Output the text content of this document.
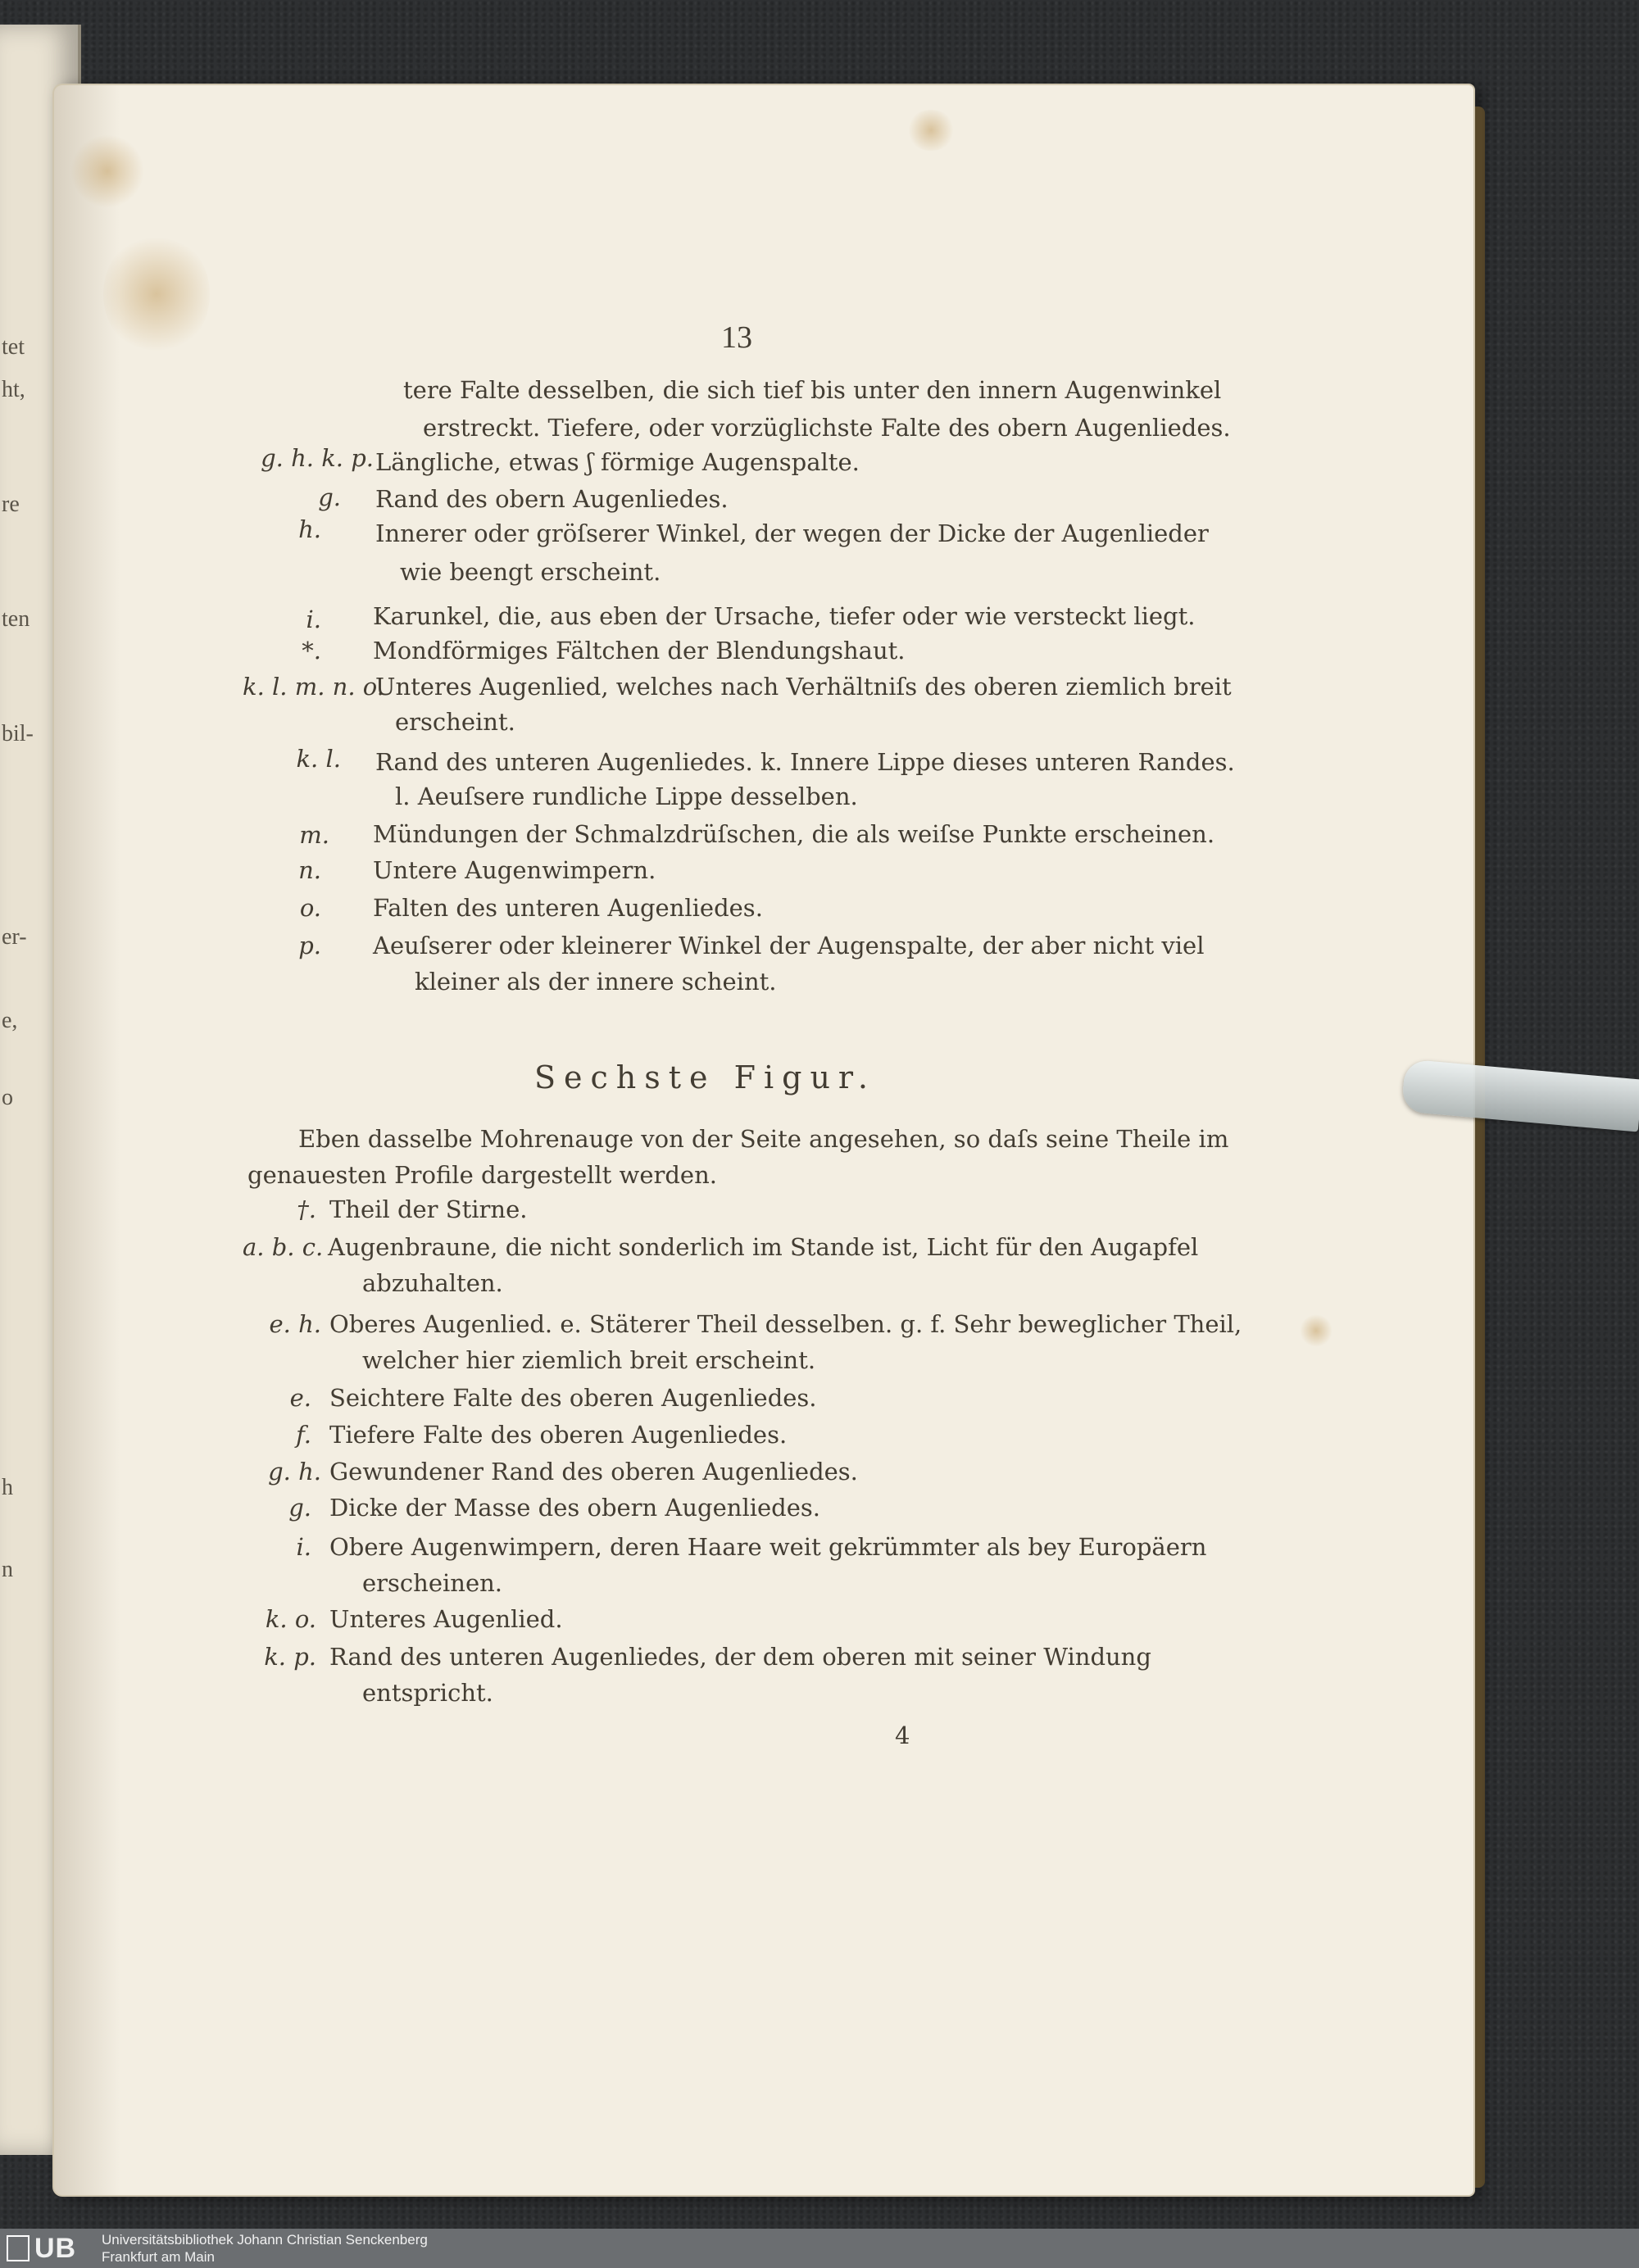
tet
ht,
re
ten
bil-
er-
e,
o
h
n
13
tere Falte desselben, die sich tief bis unter den innern Augenwinkel
erstreckt. Tiefere, oder vorzüglichste Falte des obern Augenliedes.
g. h. k. p. Längliche, etwas ʃ förmige Augenspalte.
g. Rand des obern Augenliedes.
h. Innerer oder gröſserer Winkel, der wegen der Dicke der Augenlieder
wie beengt erscheint.
i. Karunkel, die, aus eben der Ursache, tiefer oder wie versteckt liegt.
*. Mondförmiges Fältchen der Blendungshaut.
k. l. m. n. o.
Unteres Augenlied, welches nach Verhältniſs des oberen ziemlich breit
erscheint.
k. l. Rand des unteren Augenliedes. k. Innere Lippe dieses unteren Randes.
l. Aeuſsere rundliche Lippe desselben.
m. Mündungen der Schmalzdrüſschen, die als weiſse Punkte erscheinen.
n. Untere Augenwimpern.
o. Falten des unteren Augenliedes.
p. Aeuſserer oder kleinerer Winkel der Augenspalte, der aber nicht viel
kleiner als der innere scheint.
Sechste Figur.
Eben dasselbe Mohrenauge von der Seite angesehen, so daſs seine Theile im
genauesten Profile dargestellt werden.
†. Theil der Stirne.
a. b. c. Augenbraune, die nicht sonderlich im Stande ist, Licht für den Augapfel
abzuhalten.
e. h. Oberes Augenlied. e. Stäterer Theil desselben. g. f. Sehr beweglicher Theil,
welcher hier ziemlich breit erscheint.
e. Seichtere Falte des oberen Augenliedes.
f. Tiefere Falte des oberen Augenliedes.
g. h. Gewundener Rand des oberen Augenliedes.
g. Dicke der Masse des obern Augenliedes.
i. Obere Augenwimpern, deren Haare weit gekrümmter als bey Europäern
erscheinen.
k. o. Unteres Augenlied.
k. p. Rand des unteren Augenliedes, der dem oberen mit seiner Windung
entspricht.
4
UB Universitätsbibliothek Johann Christian Senckenberg
Frankfurt am Main
